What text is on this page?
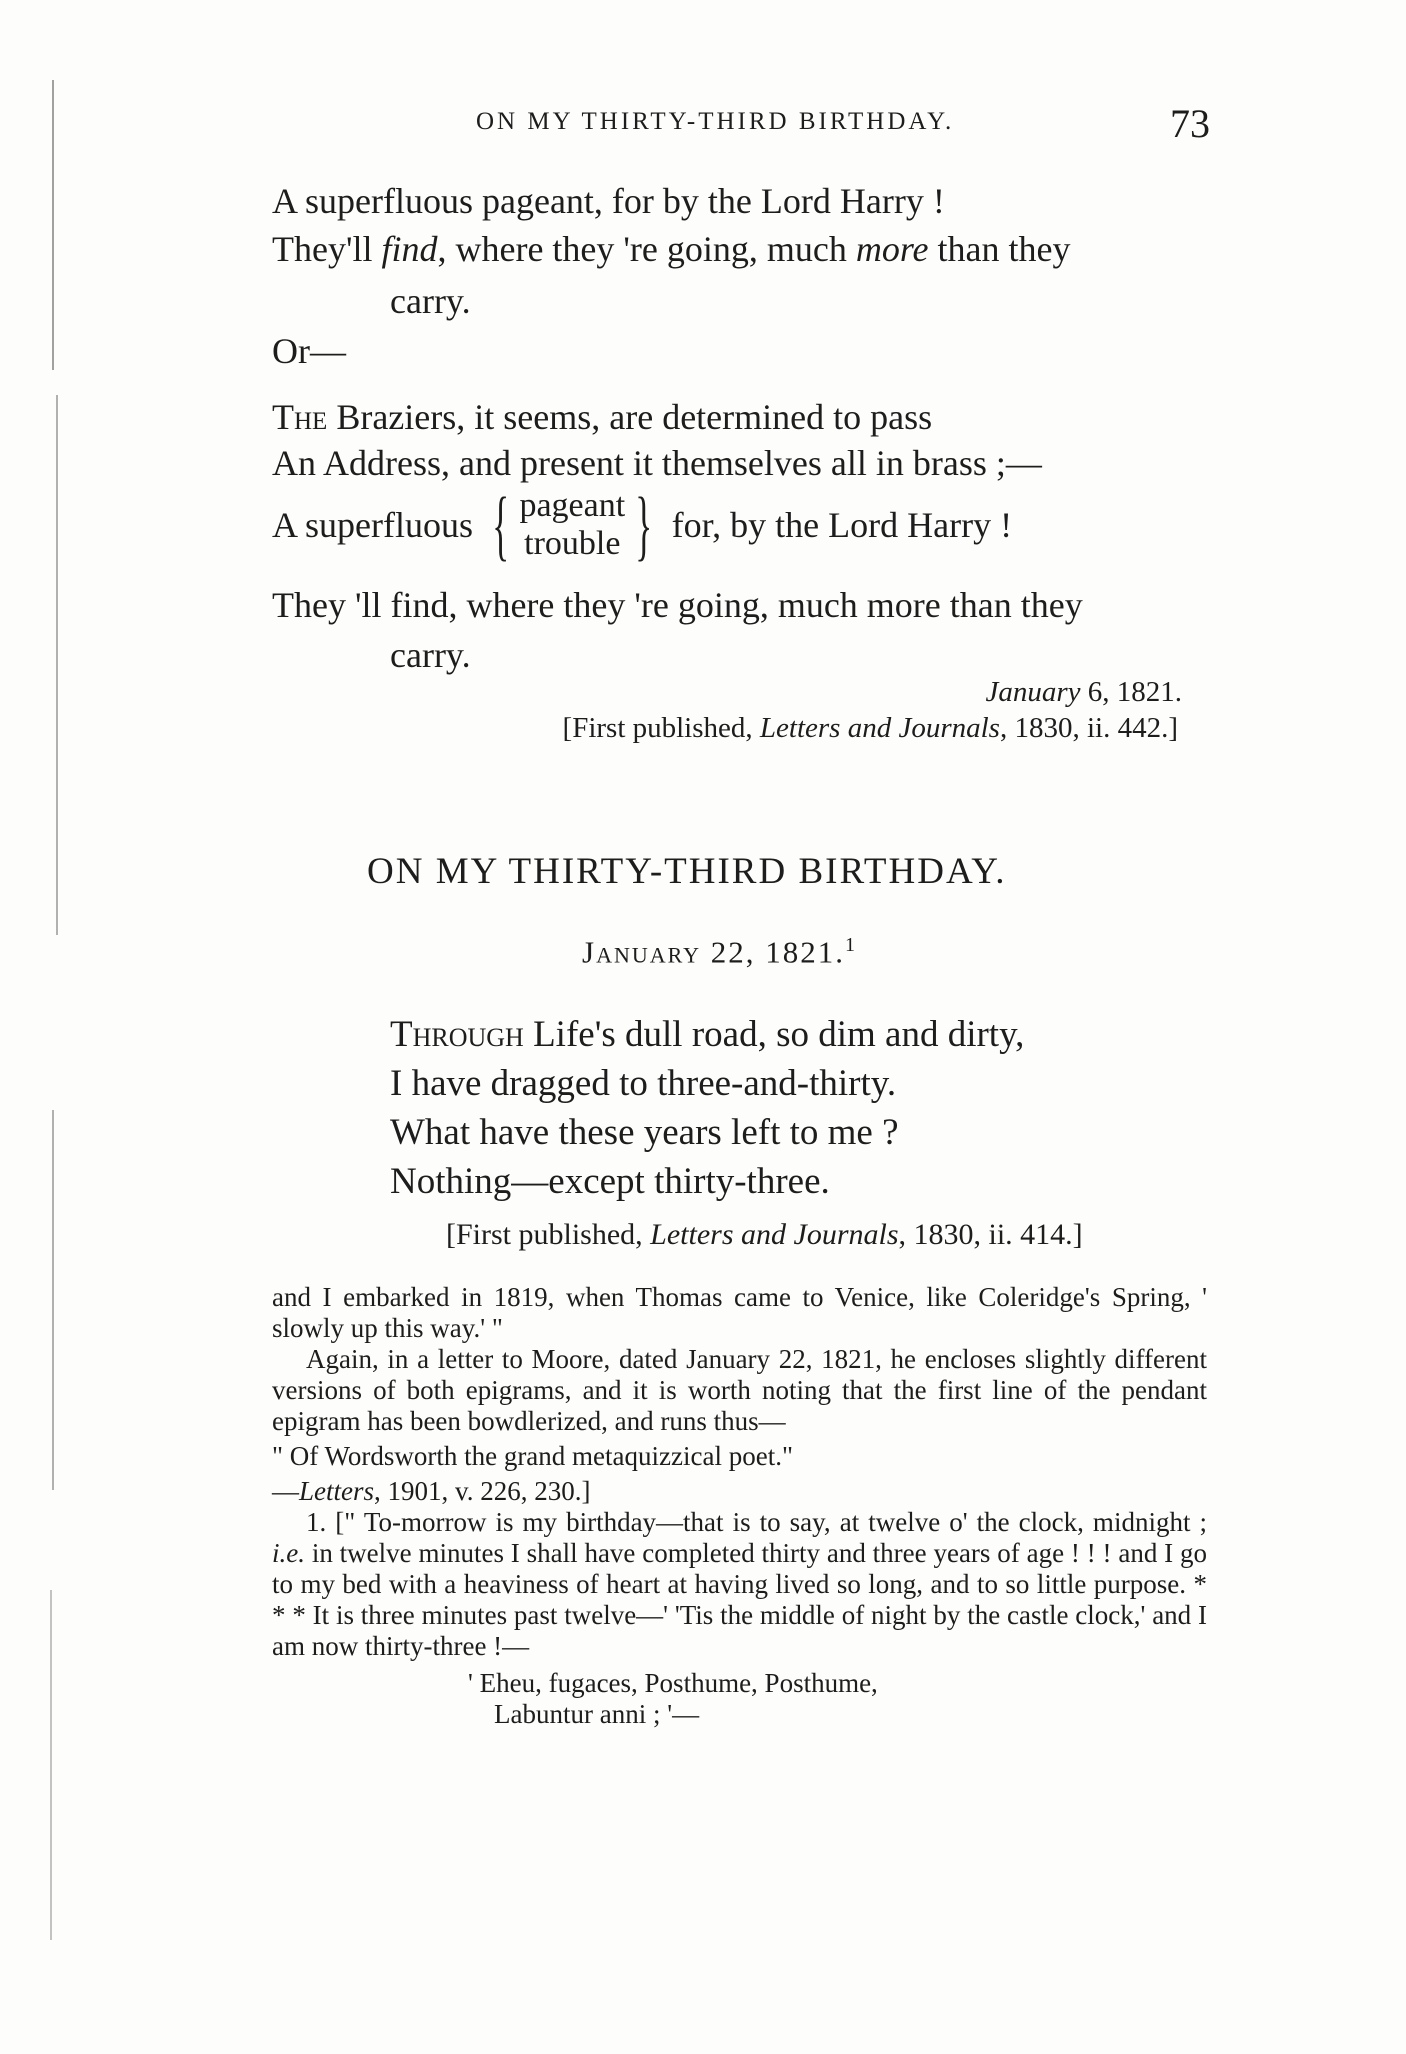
ON MY THIRTY-THIRD BIRTHDAY.	73
A superfluous pageant, for by the Lord Harry !
They'll find, where they 're going, much more than they
carry.
Or—
The Braziers, it seems, are determined to pass
An Address, and present it themselves all in brass ;—
A superfluous { pageant
trouble } for, by the Lord Harry !
They 'll find, where they 're going, much more than they
carry.
January 6, 1821.
[First published, Letters and Journals, 1830, ii. 442.]
ON MY THIRTY-THIRD BIRTHDAY.
January 22, 1821.$^1$
Through Life's dull road, so dim and dirty,
I have dragged to three-and-thirty.
What have these years left to me ?
Nothing—except thirty-three.
[First published, Letters and Journals, 1830, ii. 414.]

and I embarked in 1819, when Thomas came to Venice, like Coleridge's Spring, ' slowly up this way.' "

Again, in a letter to Moore, dated January 22, 1821, he encloses slightly different versions of both epigrams, and it is worth noting that the first line of the pendant epigram has been bowdlerized, and runs thus—

" Of Wordsworth the grand metaquizzical poet."

—Letters, 1901, v. 226, 230.]

1. [" To-morrow is my birthday—that is to say, at twelve o' the clock, midnight ; i.e. in twelve minutes I shall have completed thirty and three years of age ! ! ! and I go to my bed with a heaviness of heart at having lived so long, and to so little purpose. * * * It is three minutes past twelve—' 'Tis the middle of night by the castle clock,' and I am now thirty-three !—

' Eheu, fugaces, Posthume, Posthume,

Labuntur anni ; '—
